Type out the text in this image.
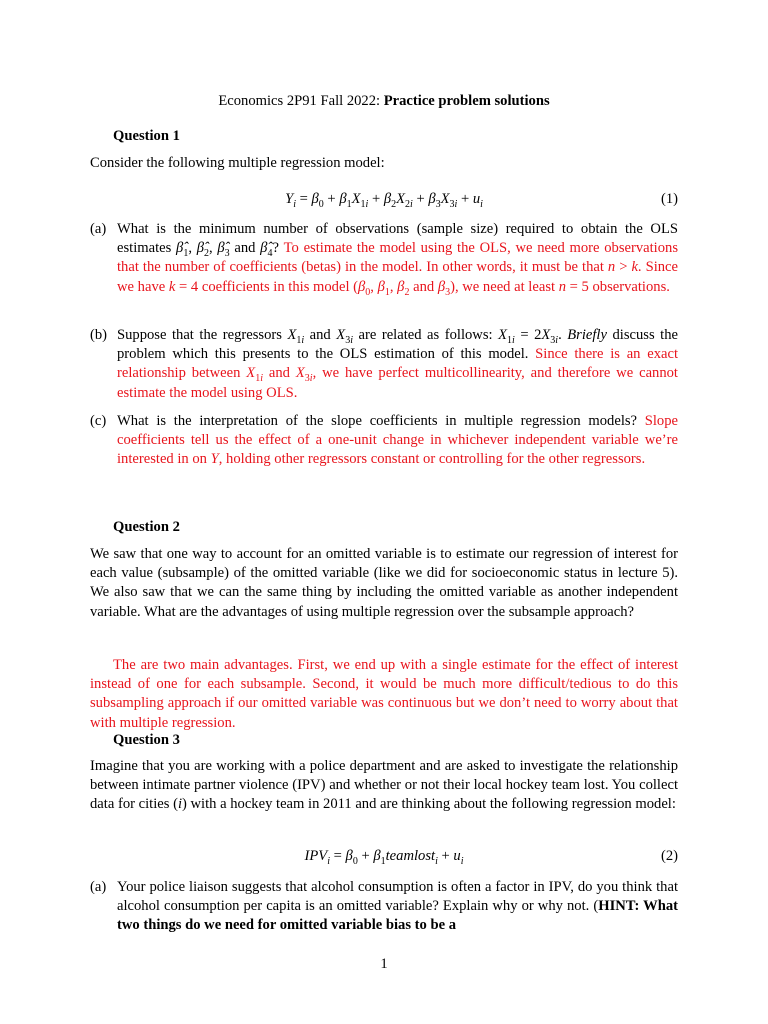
Economics 2P91 Fall 2022: Practice problem solutions
Question 1
Consider the following multiple regression model:
$Y_i = \beta_0 + \beta_1X_{1i} + \beta_2X_{2i} + \beta_3X_{3i} + u_i$	(1)
(a) What is the minimum number of observations (sample size) required to obtain the OLS estimates $\betâ_1$, $\betâ_2$, $\betâ_3$ and $\betâ_4$? To estimate the model using the OLS, we need more observations that the number of coefficients (betas) in the model. In other words, it must be that n > k. Since we have k = 4 coefficients in this model ($\beta_0$, $\beta_1$, $\beta_2$ and $\beta_3$), we need at least n = 5 observations.
(b) Suppose that the regressors $X_{1i}$ and $X_{3i}$ are related as follows: $X_{1i} = 2X_{3i}$. Briefly discuss the problem which this presents to the OLS estimation of this model. Since there is an exact relationship between $X_{1i}$ and $X_{3i}$, we have perfect multicollinearity, and therefore we cannot estimate the model using OLS.
(c) What is the interpretation of the slope coefficients in multiple regression models? Slope coefficients tell us the effect of a one-unit change in whichever independent variable we’re interested in on Y, holding other regressors constant or controlling for the other regressors.
Question 2
We saw that one way to account for an omitted variable is to estimate our regression of interest for each value (subsample) of the omitted variable (like we did for socioeconomic status in lecture 5). We also saw that we can the same thing by including the omitted variable as another independent variable. What are the advantages of using multiple regression over the subsample approach?
The are two main advantages. First, we end up with a single estimate for the effect of interest instead of one for each subsample. Second, it would be much more difficult/tedious to do this subsampling approach if our omitted variable was continuous but we don’t need to worry about that with multiple regression.
Question 3
Imagine that you are working with a police department and are asked to investigate the relationship between intimate partner violence (IPV) and whether or not their local hockey team lost. You collect data for cities (i) with a hockey team in 2011 and are thinking about the following regression model:
$IPV_i = \beta_0$ + $\beta_1teamlost_i + u_i$	(2)
(a) Your police liaison suggests that alcohol consumption is often a factor in IPV, do you think that alcohol consumption per capita is an omitted variable? Explain why or why not. (HINT: What two things do we need for omitted variable bias to be a
1
